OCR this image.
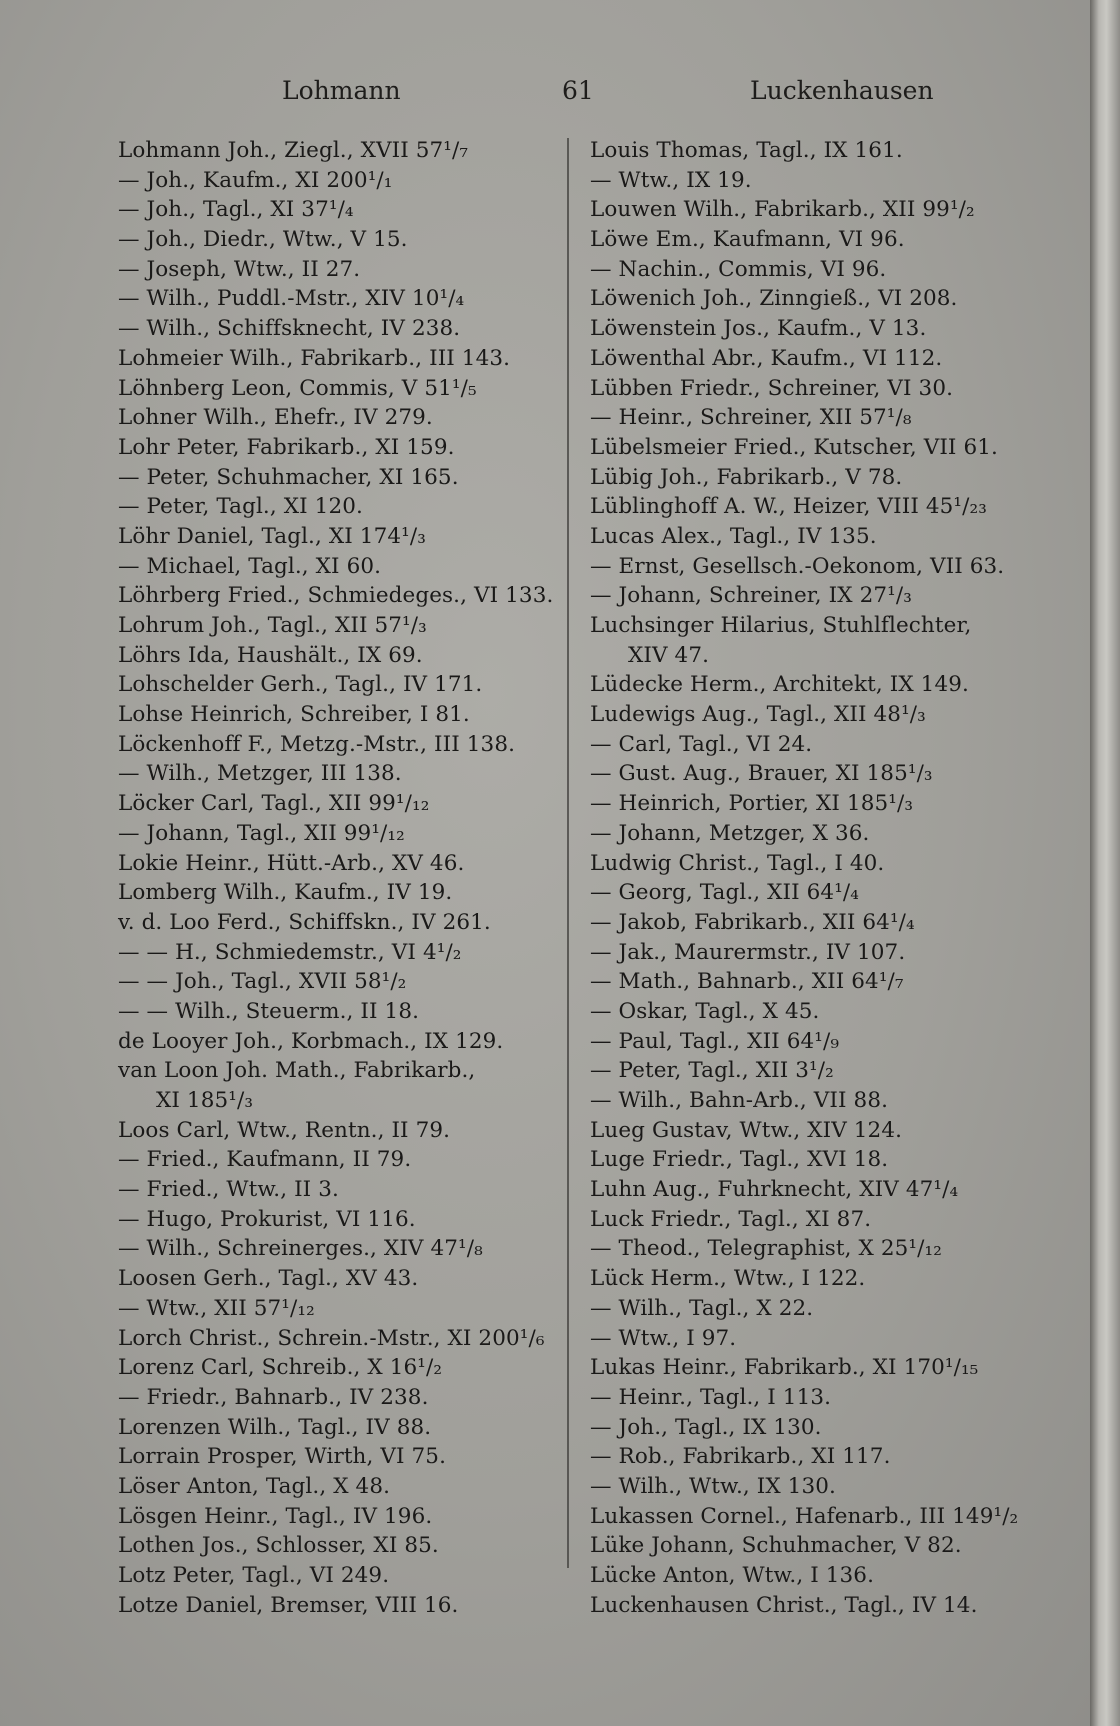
Lohmann	61	Luckenhausen
Lohmann Joh., Ziegl., XVII 57¹/₇
— Joh., Kaufm., XI 200¹/₁
— Joh., Tagl., XI 37¹/₄
— Joh., Diedr., Wtw., V 15.
— Joseph, Wtw., II 27.
— Wilh., Puddl.-Mstr., XIV 10¹/₄
— Wilh., Schiffsknecht, IV 238.
Lohmeier Wilh., Fabrikarb., III 143.
Löhnberg Leon, Commis, V 51¹/₅
Lohner Wilh., Ehefr., IV 279.
Lohr Peter, Fabrikarb., XI 159.
— Peter, Schuhmacher, XI 165.
— Peter, Tagl., XI 120.
Löhr Daniel, Tagl., XI 174¹/₃
— Michael, Tagl., XI 60.
Löhrberg Fried., Schmiedeges., VI 133.
Lohrum Joh., Tagl., XII 57¹/₃
Löhrs Ida, Haushält., IX 69.
Lohschelder Gerh., Tagl., IV 171.
Lohse Heinrich, Schreiber, I 81.
Löckenhoff F., Metzg.-Mstr., III 138.
— Wilh., Metzger, III 138.
Löcker Carl, Tagl., XII 99¹/₁₂
— Johann, Tagl., XII 99¹/₁₂
Lokie Heinr., Hütt.-Arb., XV 46.
Lomberg Wilh., Kaufm., IV 19.
v. d. Loo Ferd., Schiffskn., IV 261.
— — H., Schmiedemstr., VI 4¹/₂
— — Joh., Tagl., XVII 58¹/₂
— — Wilh., Steuerm., II 18.
de Looyer Joh., Korbmach., IX 129.
van Loon Joh. Math., Fabrikarb.,
XI 185¹/₃
Loos Carl, Wtw., Rentn., II 79.
— Fried., Kaufmann, II 79.
— Fried., Wtw., II 3.
— Hugo, Prokurist, VI 116.
— Wilh., Schreinerges., XIV 47¹/₈
Loosen Gerh., Tagl., XV 43.
— Wtw., XII 57¹/₁₂
Lorch Christ., Schrein.-Mstr., XI 200¹/₆
Lorenz Carl, Schreib., X 16¹/₂
— Friedr., Bahnarb., IV 238.
Lorenzen Wilh., Tagl., IV 88.
Lorrain Prosper, Wirth, VI 75.
Löser Anton, Tagl., X 48.
Lösgen Heinr., Tagl., IV 196.
Lothen Jos., Schlosser, XI 85.
Lotz Peter, Tagl., VI 249.
Lotze Daniel, Bremser, VIII 16.
Louis Thomas, Tagl., IX 161.
— Wtw., IX 19.
Louwen Wilh., Fabrikarb., XII 99¹/₂
Löwe Em., Kaufmann, VI 96.
— Nachin., Commis, VI 96.
Löwenich Joh., Zinngieß., VI 208.
Löwenstein Jos., Kaufm., V 13.
Löwenthal Abr., Kaufm., VI 112.
Lübben Friedr., Schreiner, VI 30.
— Heinr., Schreiner, XII 57¹/₈
Lübelsmeier Fried., Kutscher, VII 61.
Lübig Joh., Fabrikarb., V 78.
Lüblinghoff A. W., Heizer, VIII 45¹/₂₃
Lucas Alex., Tagl., IV 135.
— Ernst, Gesellsch.-Oekonom, VII 63.
— Johann, Schreiner, IX 27¹/₃
Luchsinger Hilarius, Stuhlflechter,
XIV 47.
Lüdecke Herm., Architekt, IX 149.
Ludewigs Aug., Tagl., XII 48¹/₃
— Carl, Tagl., VI 24.
— Gust. Aug., Brauer, XI 185¹/₃
— Heinrich, Portier, XI 185¹/₃
— Johann, Metzger, X 36.
Ludwig Christ., Tagl., I 40.
— Georg, Tagl., XII 64¹/₄
— Jakob, Fabrikarb., XII 64¹/₄
— Jak., Maurermstr., IV 107.
— Math., Bahnarb., XII 64¹/₇
— Oskar, Tagl., X 45.
— Paul, Tagl., XII 64¹/₉
— Peter, Tagl., XII 3¹/₂
— Wilh., Bahn-Arb., VII 88.
Lueg Gustav, Wtw., XIV 124.
Luge Friedr., Tagl., XVI 18.
Luhn Aug., Fuhrknecht, XIV 47¹/₄
Luck Friedr., Tagl., XI 87.
— Theod., Telegraphist, X 25¹/₁₂
Lück Herm., Wtw., I 122.
— Wilh., Tagl., X 22.
— Wtw., I 97.
Lukas Heinr., Fabrikarb., XI 170¹/₁₅
— Heinr., Tagl., I 113.
— Joh., Tagl., IX 130.
— Rob., Fabrikarb., XI 117.
— Wilh., Wtw., IX 130.
Lukassen Cornel., Hafenarb., III 149¹/₂
Lüke Johann, Schuhmacher, V 82.
Lücke Anton, Wtw., I 136.
Luckenhausen Christ., Tagl., IV 14.
